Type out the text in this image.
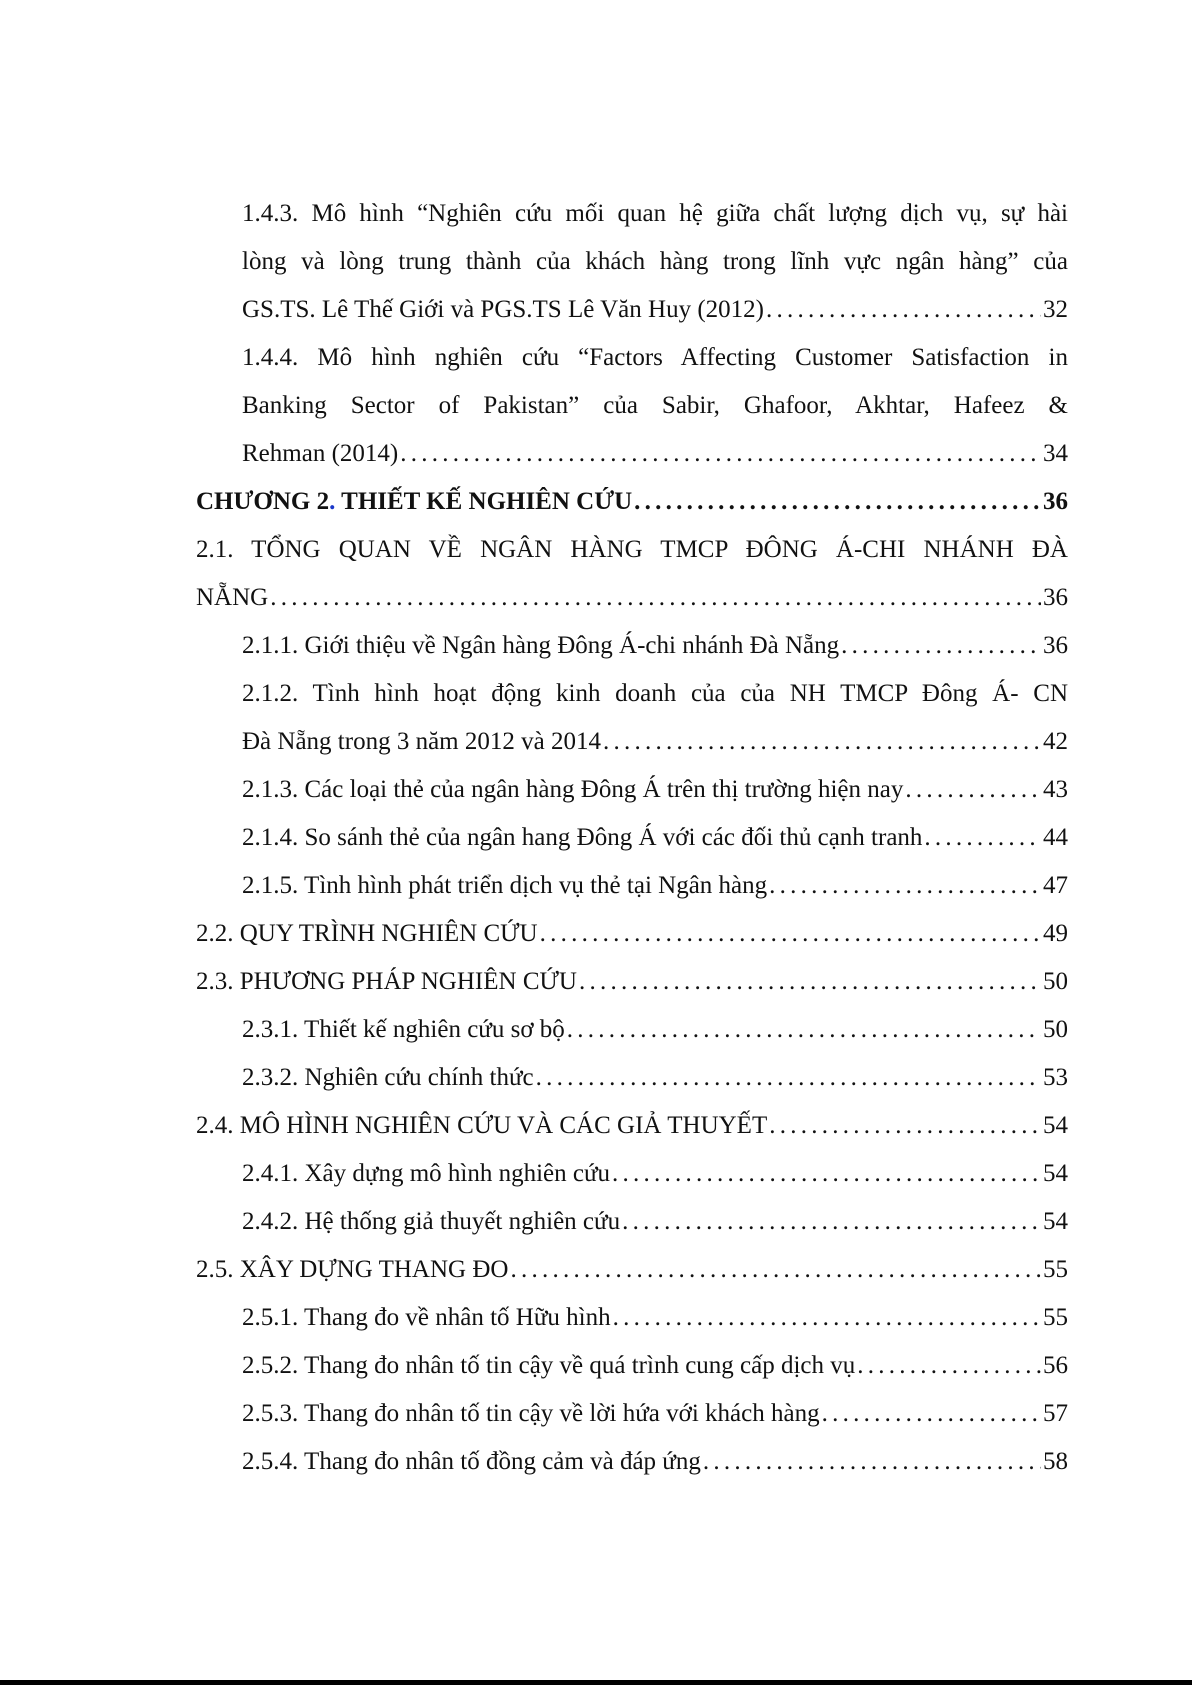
1.4.3. Mô hình “Nghiên cứu mối quan hệ giữa chất lượng dịch vụ, sự hài
lòng và lòng trung thành của khách hàng trong lĩnh vực ngân hàng” của
GS.TS. Lê Thế Giới và PGS.TS Lê Văn Huy (2012) . . .	32
1.4.4. Mô hình nghiên cứu “Factors Affecting Customer Satisfaction in
Banking Sector of Pakistan” của Sabir, Ghafoor, Akhtar, Hafeez &
Rehman (2014) . . .	34
CHƯƠNG 2. THIẾT KẾ NGHIÊN CỨU . . .	36
2.1. TỔNG QUAN VỀ NGÂN HÀNG TMCP ĐÔNG Á-CHI NHÁNH ĐÀ
NẴNG . . .	36
2.1.1. Giới thiệu về Ngân hàng Đông Á-chi nhánh Đà Nẵng . . .	36
2.1.2. Tình hình hoạt động kinh doanh của của NH TMCP Đông Á- CN
Đà Nẵng trong 3 năm 2012 và 2014 . . .	42
2.1.3. Các loại thẻ của ngân hàng Đông Á trên thị trường hiện nay . . .	43
2.1.4. So sánh thẻ của ngân hang Đông Á với các đối thủ cạnh tranh . . .	44
2.1.5. Tình hình phát triển dịch vụ thẻ tại Ngân hàng . . .	47
2.2. QUY TRÌNH NGHIÊN CỨU . . .	49
2.3. PHƯƠNG PHÁP NGHIÊN CỨU . . .	50
2.3.1. Thiết kế nghiên cứu sơ bộ . . .	50
2.3.2. Nghiên cứu chính thức . . .	53
2.4. MÔ HÌNH NGHIÊN CỨU VÀ CÁC GIẢ THUYẾT . . .	54
2.4.1. Xây dựng mô hình nghiên cứu . . .	54
2.4.2. Hệ thống giả thuyết nghiên cứu . . .	54
2.5. XÂY DỰNG THANG ĐO . . .	55
2.5.1. Thang đo về nhân tố Hữu hình . . .	55
2.5.2. Thang đo nhân tố tin cậy về quá trình cung cấp dịch vụ . . .	56
2.5.3. Thang đo nhân tố tin cậy về lời hứa với khách hàng . . .	57
2.5.4. Thang đo nhân tố đồng cảm và đáp ứng . . .	58
